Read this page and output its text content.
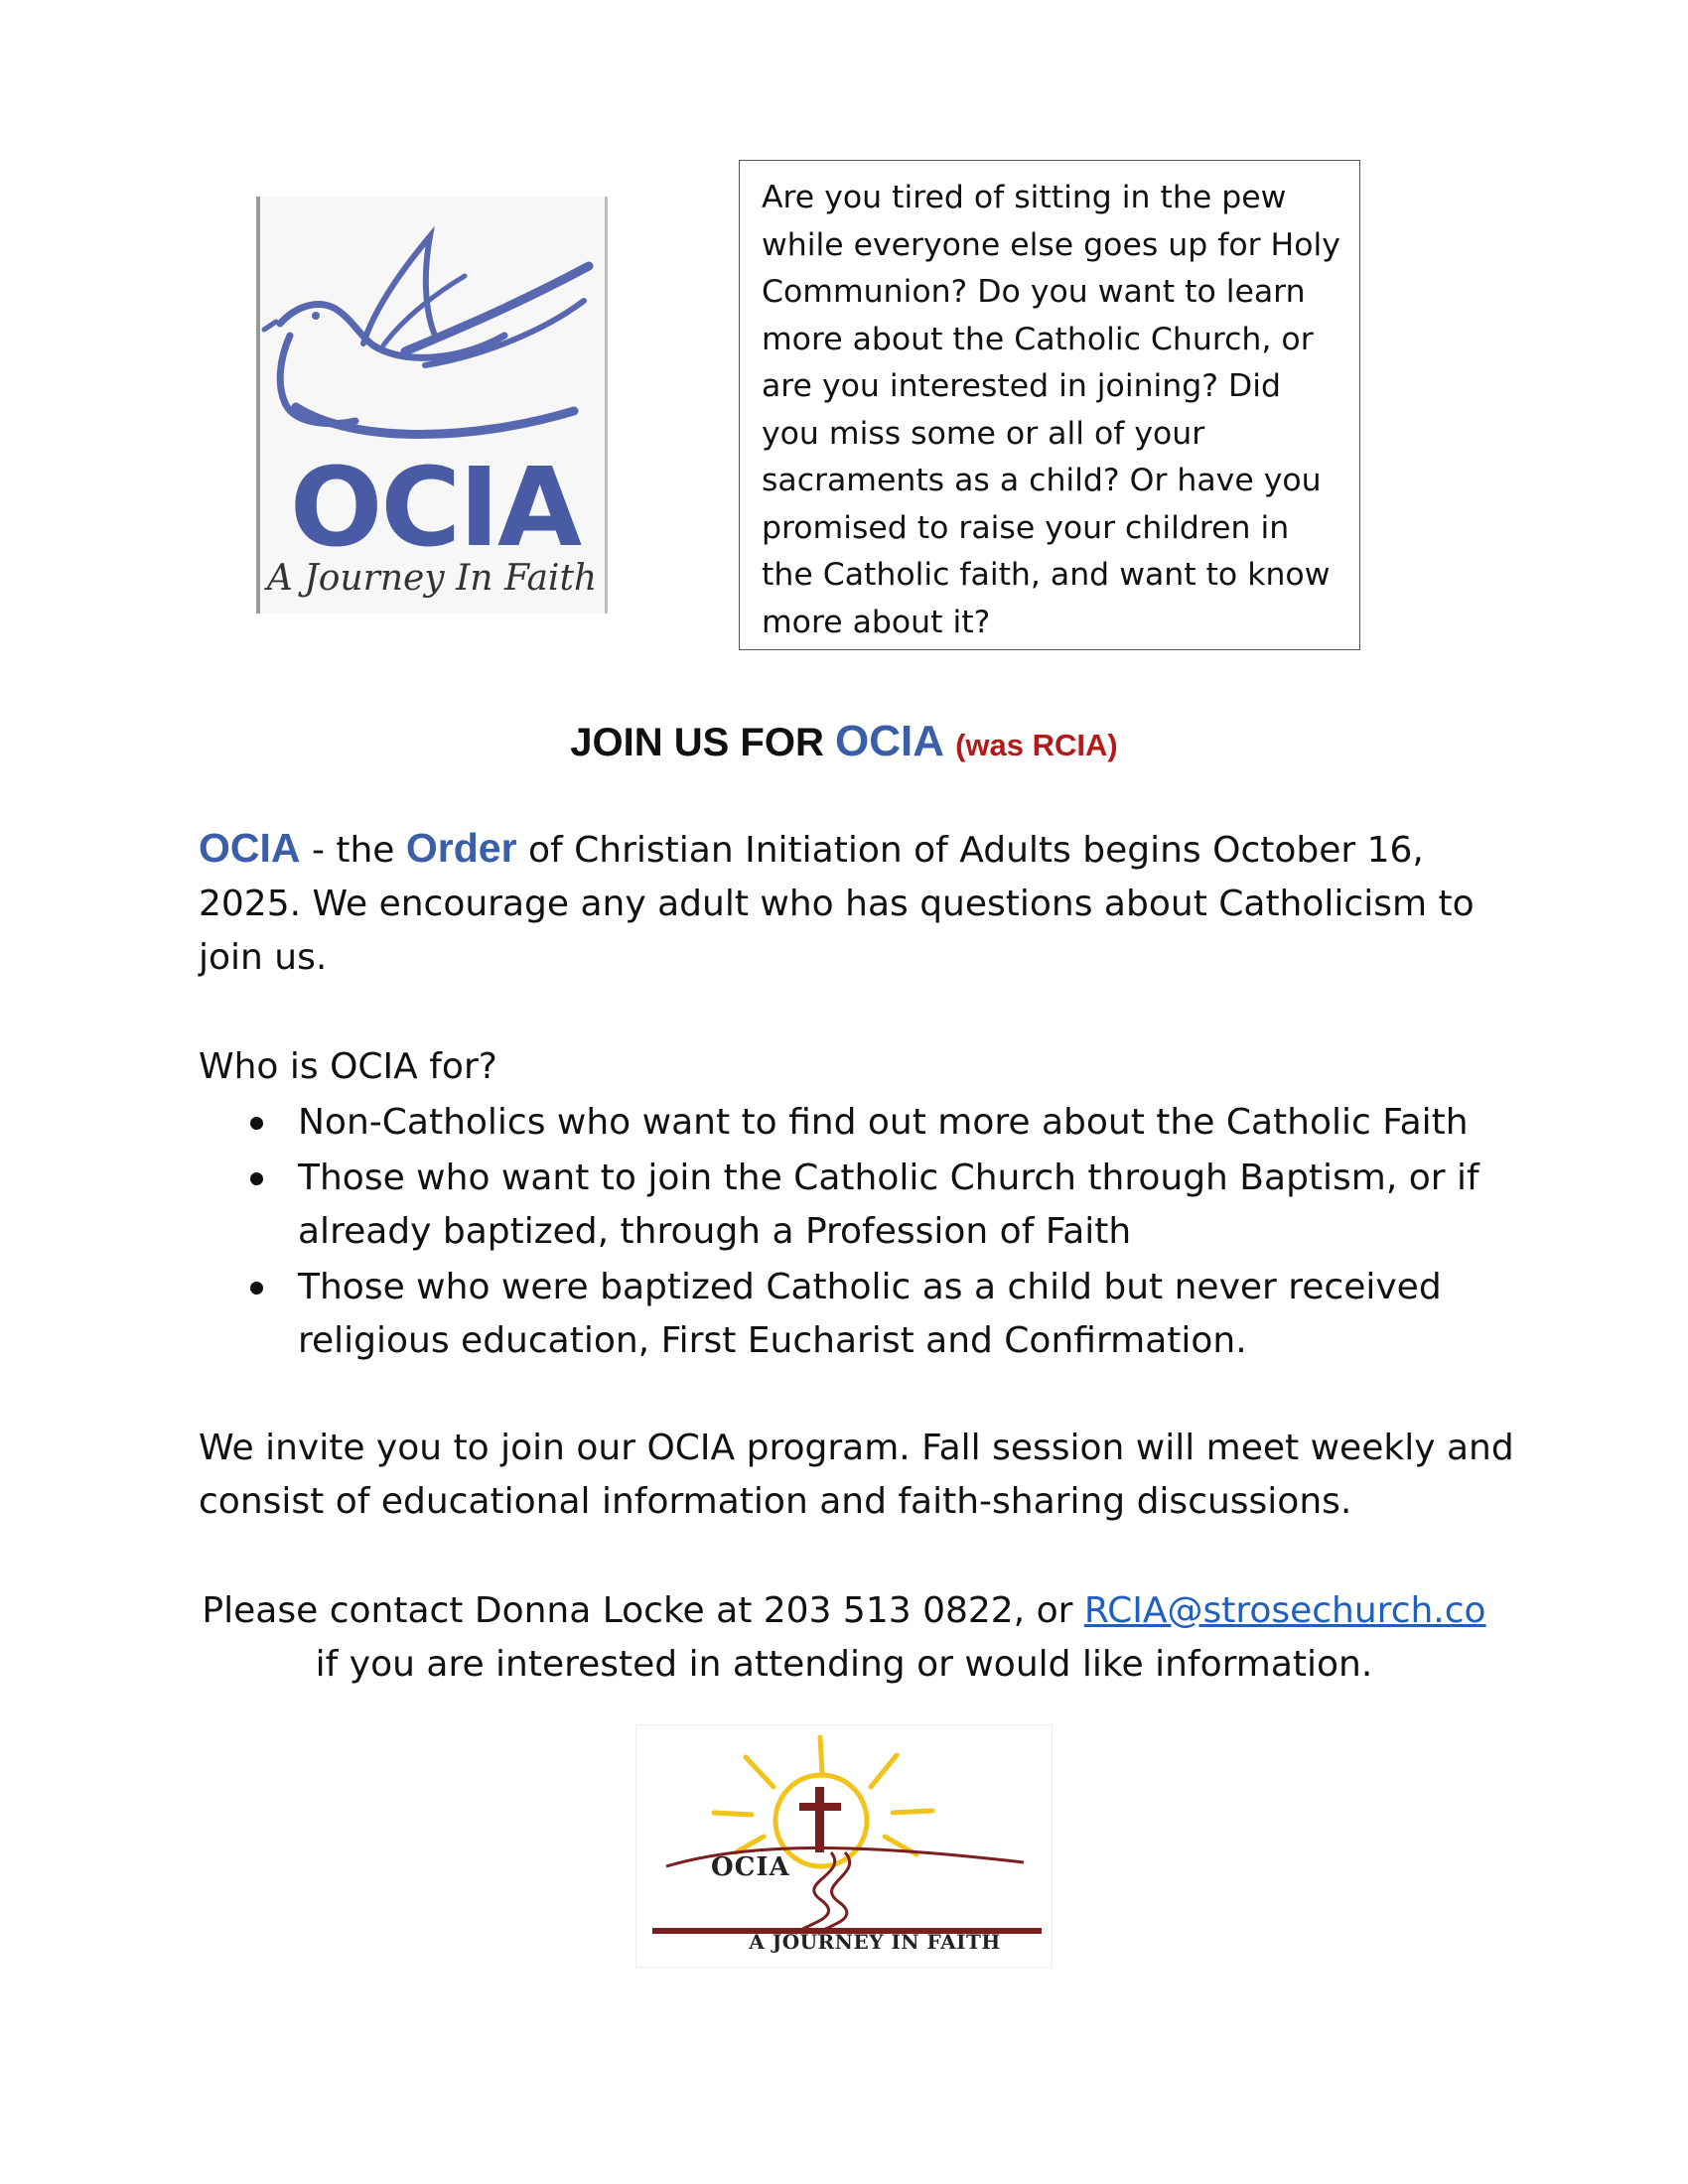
OCIA
A Journey In Faith

Are you tired of sitting in the pew while everyone else goes up for Holy Communion? Do you want to learn more about the Catholic Church, or are you interested in joining? Did you miss some or all of your sacraments as a child? Or have you promised to raise your children in the Catholic faith, and want to know more about it?

JOIN US FOR OCIA (was RCIA)
OCIA - the Order of Christian Initiation of Adults begins October 16, 2025. We encourage any adult who has questions about Catholicism to join us.
Who is OCIA for?
Non-Catholics who want to find out more about the Catholic Faith
Those who want to join the Catholic Church through Baptism, or if already baptized, through a Profession of Faith
Those who were baptized Catholic as a child but never received religious education, First Eucharist and Confirmation.
We invite you to join our OCIA program. Fall session will meet weekly and consist of educational information and faith-sharing discussions.
Please contact Donna Locke at 203 513 0822, or RCIA@strosechurch.co
if you are interested in attending or would like information.
OCIA
A JOURNEY IN FAITH
